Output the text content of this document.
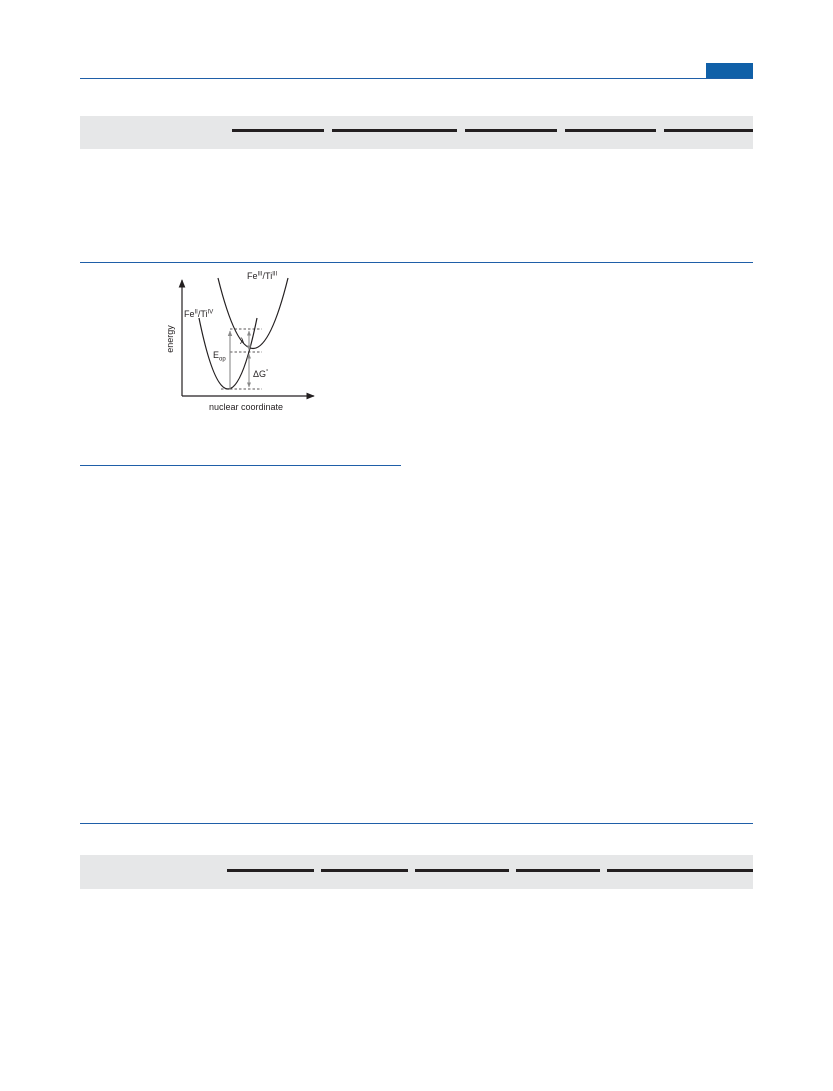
$Fe^{III}/Ti^{III}$
$Fe^{II}/Ti^{IV}$
$E_{op}$
λ
ΔG°
energy
nuclear coordinate
